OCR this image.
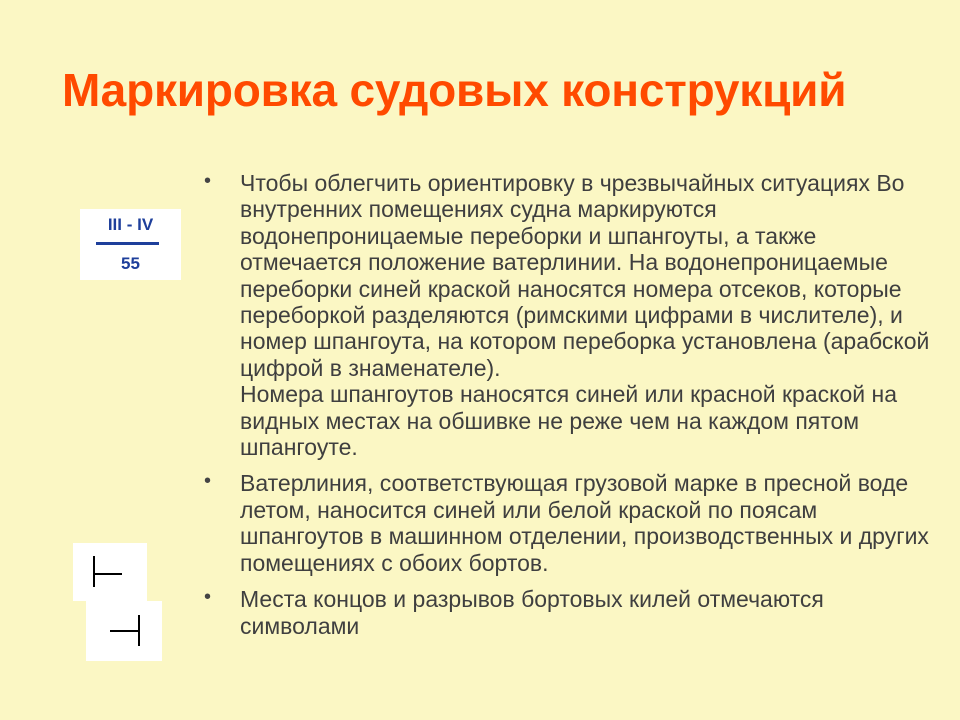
Маркировка судовых конструкций
III - IV
55
• Чтобы облегчить ориентировку в чрезвычайных ситуациях Во внутренних помещениях судна маркируются водонепроницаемые переборки и шпангоуты, а также отмечается положение ватерлинии. На водонепроницаемые переборки синей краской наносятся номера отсеков, которые переборкой разделяются (римскими цифрами в числителе), и номер шпангоута, на котором переборка установлена (арабской цифрой в знаменателе).
Номера шпангоутов наносятся синей или красной краской на видных местах на обшивке не реже чем на каждом пятом шпангоуте.
• Ватерлиния, соответствующая грузовой марке в пресной воде летом, наносится синей или белой краской по поясам шпангоутов в машинном отделении, производственных и других помещениях с обоих бортов.
• Места концов и разрывов бортовых килей отмечаются символами
